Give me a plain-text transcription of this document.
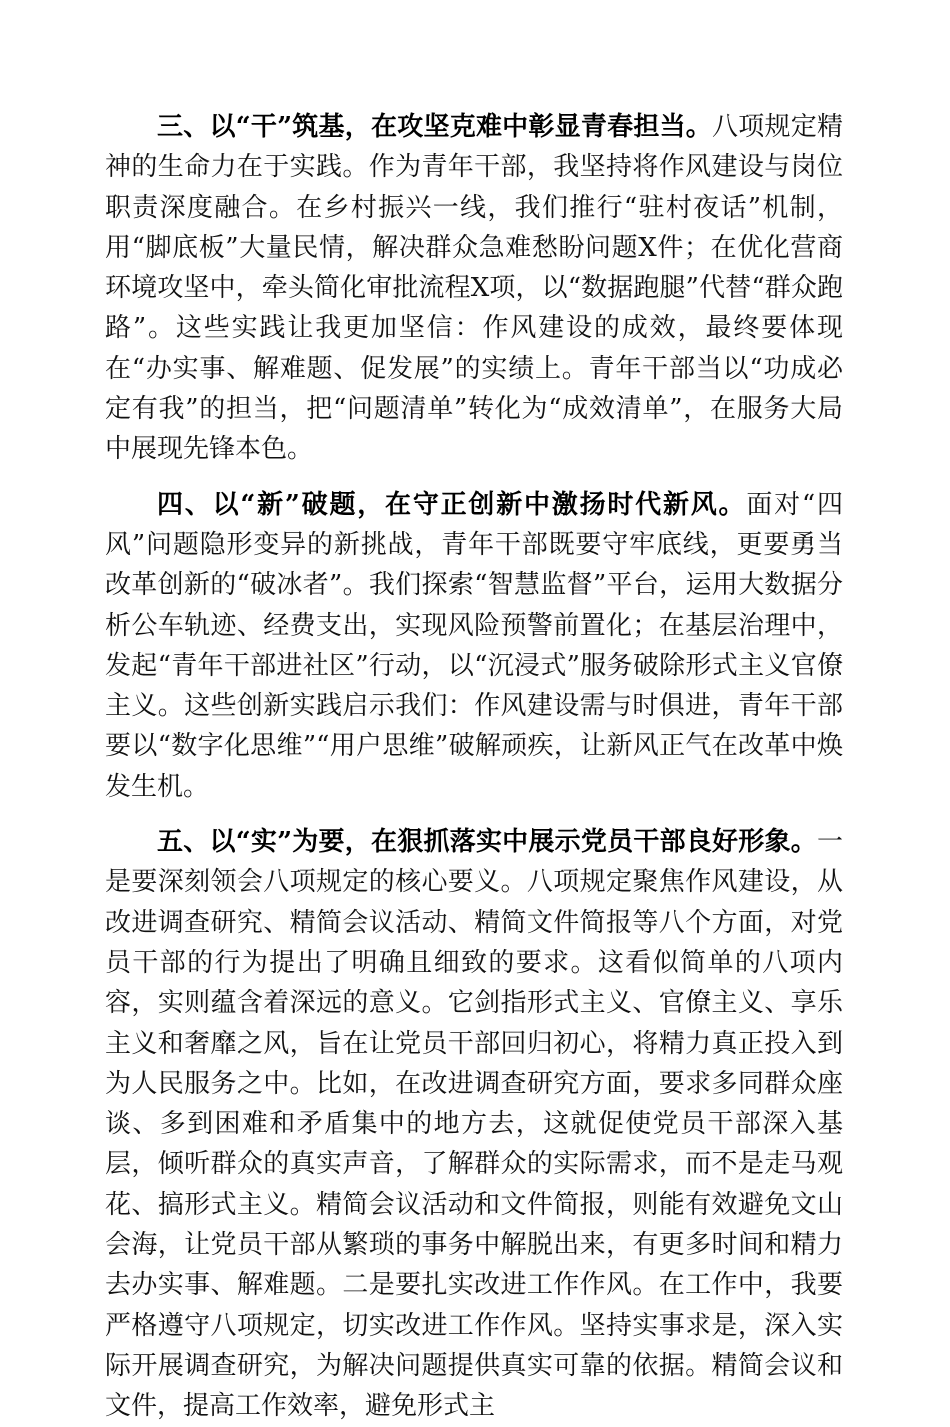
三、以“干”筑基，在攻坚克难中彰显青春担当。八项规定精神的生命力在于实践。作为青年干部，我坚持将作风建设与岗位职责深度融合。在乡村振兴一线，我们推行“驻村夜话”机制，用“脚底板”大量民情，解决群众急难愁盼问题X件；在优化营商环境攻坚中，牵头简化审批流程X项，以“数据跑腿”代替“群众跑路”。这些实践让我更加坚信：作风建设的成效，最终要体现在“办实事、解难题、促发展”的实绩上。青年干部当以“功成必定有我”的担当，把“问题清单”转化为“成效清单”，在服务大局中展现先锋本色。

四、以“新”破题，在守正创新中激扬时代新风。面对“四风”问题隐形变异的新挑战，青年干部既要守牢底线，更要勇当改革创新的“破冰者”。我们探索“智慧监督”平台，运用大数据分析公车轨迹、经费支出，实现风险预警前置化；在基层治理中，发起“青年干部进社区”行动，以“沉浸式”服务破除形式主义官僚主义。这些创新实践启示我们：作风建设需与时俱进，青年干部要以“数字化思维”“用户思维”破解顽疾，让新风正气在改革中焕发生机。

五、以“实”为要，在狠抓落实中展示党员干部良好形象。一是要深刻领会八项规定的核心要义。八项规定聚焦作风建设，从改进调查研究、精简会议活动、精简文件简报等八个方面，对党员干部的行为提出了明确且细致的要求。这看似简单的八项内容，实则蕴含着深远的意义。它剑指形式主义、官僚主义、享乐主义和奢靡之风，旨在让党员干部回归初心，将精力真正投入到为人民服务之中。比如，在改进调查研究方面，要求多同群众座谈、多到困难和矛盾集中的地方去，这就促使党员干部深入基层，倾听群众的真实声音，了解群众的实际需求，而不是走马观花、搞形式主义。精简会议活动和文件简报，则能有效避免文山会海，让党员干部从繁琐的事务中解脱出来，有更多时间和精力去办实事、解难题。二是要扎实改进工作作风。在工作中，我要严格遵守八项规定，切实改进工作作风。坚持实事求是，深入实际开展调查研究，为解决问题提供真实可靠的依据。精简会议和文件，提高工作效率，避免形式主
